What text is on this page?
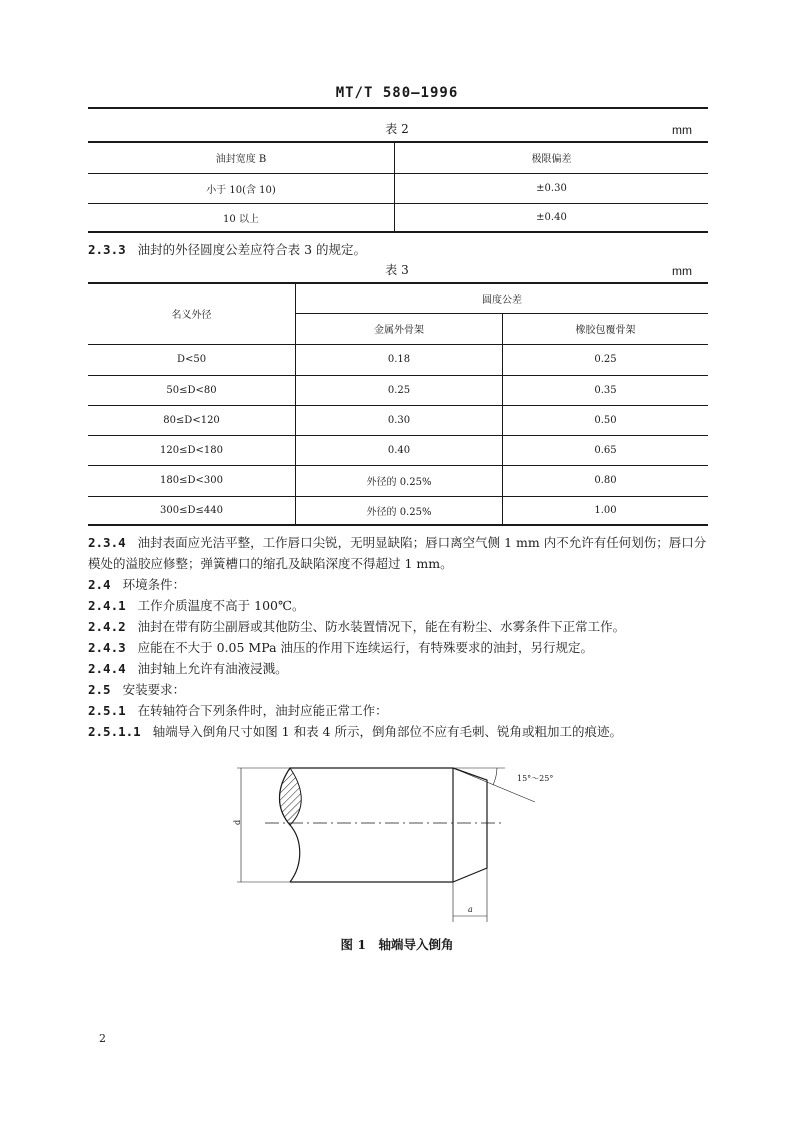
MT/T 580—1996
表 2	mm
油封宽度 B	极限偏差
小于 10(含 10)	±0.30
10 以上	±0.40
2.3.3 油封的外径圆度公差应符合表 3 的规定。
表 3	mm
名义外径	圆度公差	
	金属外骨架	橡胶包覆骨架
D<50	0.18	0.25
50≤D<80	0.25	0.35
80≤D<120	0.30	0.50
120≤D<180	0.40	0.65
180≤D<300	外径的 0.25%	0.80
300≤D≤440	外径的 0.25%	1.00
2.3.4 油封表面应光洁平整，工作唇口尖锐，无明显缺陷；唇口离空气侧 1 mm 内不允许有任何划伤；唇口分模处的溢胶应修整；弹簧槽口的缩孔及缺陷深度不得超过 1 mm。
2.4 环境条件：
2.4.1 工作介质温度不高于 100℃。
2.4.2 油封在带有防尘副唇或其他防尘、防水装置情况下，能在有粉尘、水雾条件下正常工作。
2.4.3 应能在不大于 0.05 MPa 油压的作用下连续运行，有特殊要求的油封，另行规定。
2.4.4 油封轴上允许有油液浸溅。
2.5 安装要求：
2.5.1 在转轴符合下列条件时，油封应能正常工作：
2.5.1.1 轴端导入倒角尺寸如图 1 和表 4 所示，倒角部位不应有毛刺、锐角或粗加工的痕迹。
d
15°～25°
a
图 1　轴端导入倒角
2
